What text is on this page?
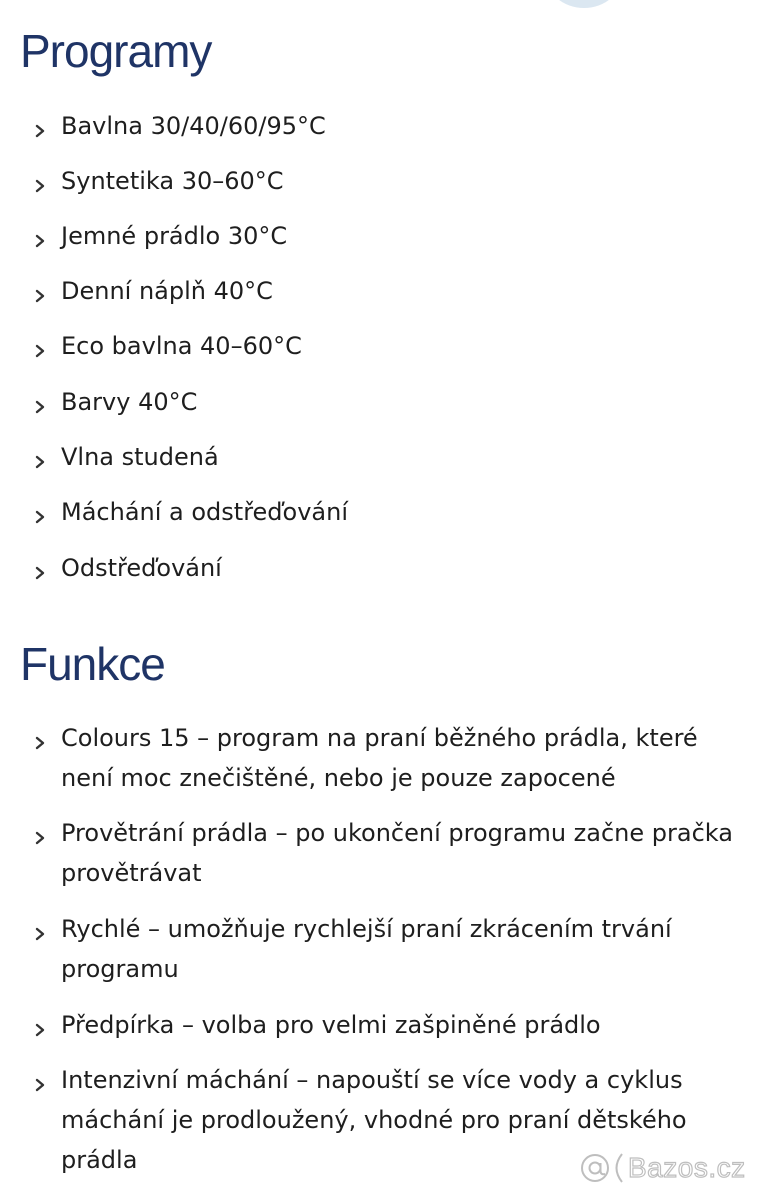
Programy
Bavlna 30/40/60/95°C
Syntetika 30–60°C
Jemné prádlo 30°C
Denní náplň 40°C
Eco bavlna 40–60°C
Barvy 40°C
Vlna studená
Máchání a odstřeďování
Odstřeďování
Funkce
Colours 15 – program na praní běžného prádla, které není moc znečištěné, nebo je pouze zapocené
Provětrání prádla – po ukončení programu začne pračka provětrávat
Rychlé – umožňuje rychlejší praní zkrácením trvání programu
Předpírka – volba pro velmi zašpiněné prádlo
Intenzivní máchání – napouští se více vody a cyklus máchání je prodloužený, vhodné pro praní dětského prádla	Bazos.cz
